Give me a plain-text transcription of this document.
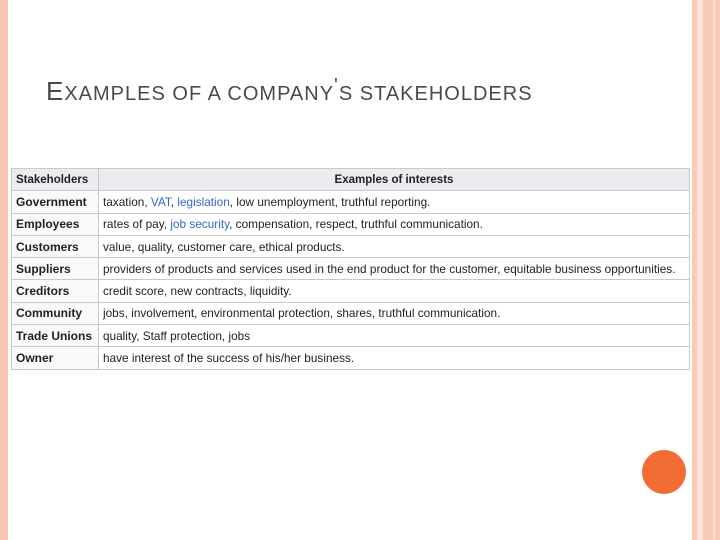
EXAMPLES OF A COMPANY'S STAKEHOLDERS
Stakeholders	Examples of interests
Government	taxation, VAT, legislation, low unemployment, truthful reporting.
Employees	rates of pay, job security, compensation, respect, truthful communication.
Customers	value, quality, customer care, ethical products.
Suppliers	providers of products and services used in the end product for the customer, equitable business opportunities.
Creditors	credit score, new contracts, liquidity.
Community	jobs, involvement, environmental protection, shares, truthful communication.
Trade Unions	quality, Staff protection, jobs
Owner	have interest of the success of his/her business.
